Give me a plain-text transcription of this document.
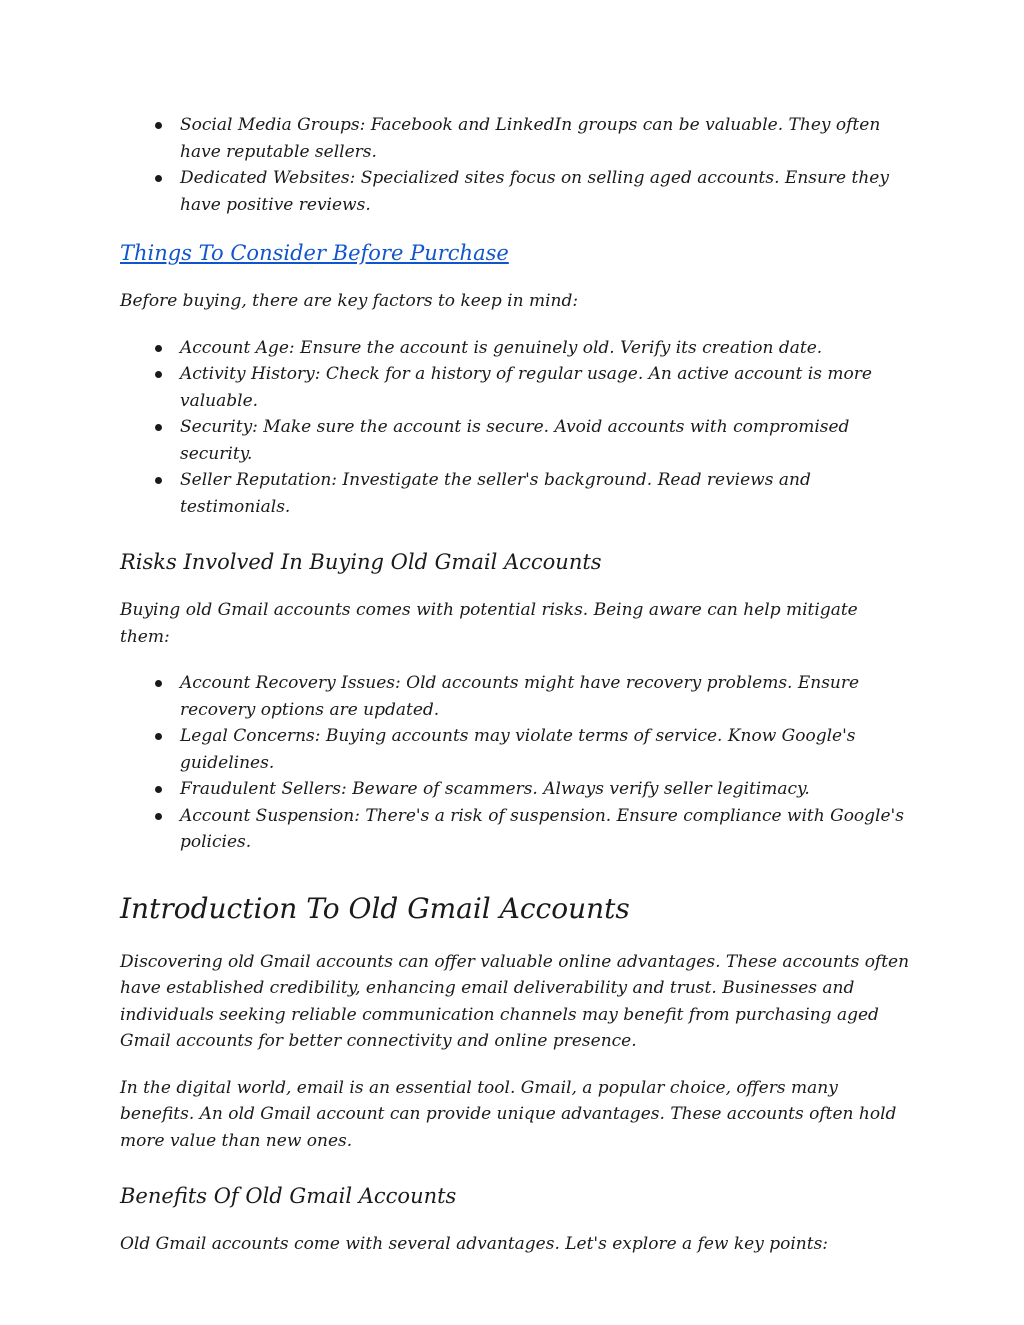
Social Media Groups: Facebook and LinkedIn groups can be valuable. They often have reputable sellers.
Dedicated Websites: Specialized sites focus on selling aged accounts. Ensure they have positive reviews.
Things To Consider Before Purchase

Before buying, there are key factors to keep in mind:

Account Age: Ensure the account is genuinely old. Verify its creation date.
Activity History: Check for a history of regular usage. An active account is more valuable.
Security: Make sure the account is secure. Avoid accounts with compromised security.
Seller Reputation: Investigate the seller's background. Read reviews and testimonials.
Risks Involved In Buying Old Gmail Accounts

Buying old Gmail accounts comes with potential risks. Being aware can help mitigate them:

Account Recovery Issues: Old accounts might have recovery problems. Ensure recovery options are updated.
Legal Concerns: Buying accounts may violate terms of service. Know Google's guidelines.
Fraudulent Sellers: Beware of scammers. Always verify seller legitimacy.
Account Suspension: There's a risk of suspension. Ensure compliance with Google's policies.
Introduction To Old Gmail Accounts

Discovering old Gmail accounts can offer valuable online advantages. These accounts often have established credibility, enhancing email deliverability and trust. Businesses and individuals seeking reliable communication channels may benefit from purchasing aged Gmail accounts for better connectivity and online presence.

In the digital world, email is an essential tool. Gmail, a popular choice, offers many benefits. An old Gmail account can provide unique advantages. These accounts often hold more value than new ones.

Benefits Of Old Gmail Accounts

Old Gmail accounts come with several advantages. Let's explore a few key points:
